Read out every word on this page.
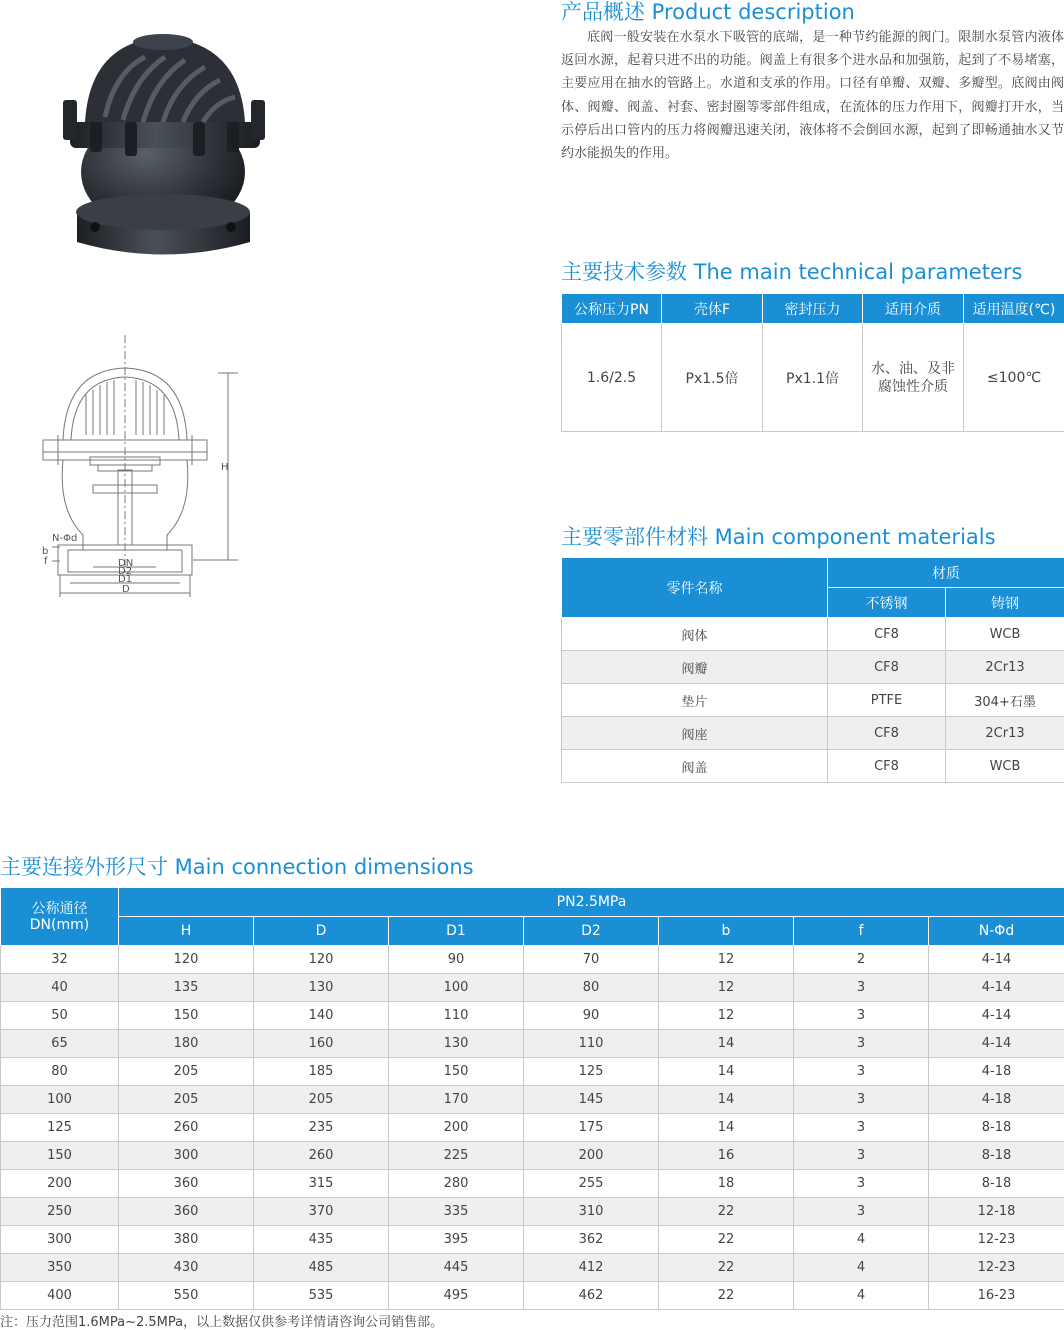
H
N-Φd
b
f	DN
D2
D1
D
产品概述 Product description
底阀一般安装在水泵水下吸管的底端，是一种节约能源的阀门。限制水泵管内液体返回水源，起着只进不出的功能。阀盖上有很多个进水品和加强筋，起到了不易堵塞，主要应用在抽水的管路上。水道和支承的作用。口径有单瓣、双瓣、多瓣型。底阀由阀体、阀瓣、阀盖、衬套、密封圈等零部件组成，在流体的压力作用下，阀瓣打开水，当示停后出口管内的压力将阀瓣迅速关闭，液体将不会倒回水源，起到了即畅通抽水又节约水能损失的作用。
主要技术参数 The main technical parameters
公称压力PN	壳体F	密封压力	适用介质	适用温度(℃)
1.6/2.5	Px1.5倍	Px1.1倍	水、油、及非腐蚀性介质	≤100℃
主要零部件材料 Main component materials
零件名称	材质	
	不锈钢	铸钢
阀体	CF8	WCB
阀瓣	CF8	2Cr13
垫片	PTFE	304+石墨
阀座	CF8	2Cr13
阀盖	CF8	WCB
主要连接外形尺寸 Main connection dimensions
公称通径DN(mm)	PN2.5MPa						
	H	D	D1	D2	b	f	N-Φd
32	120	120	90	70	12	2	4-14
40	135	130	100	80	12	3	4-14
50	150	140	110	90	12	3	4-14
65	180	160	130	110	14	3	4-14
80	205	185	150	125	14	3	4-18
100	205	205	170	145	14	3	4-18
125	260	235	200	175	14	3	8-18
150	300	260	225	200	16	3	8-18
200	360	315	280	255	18	3	8-18
250	360	370	335	310	22	3	12-18
300	380	435	395	362	22	4	12-23
350	430	485	445	412	22	4	12-23
400	550	535	495	462	22	4	16-23
注：压力范围1.6MPa~2.5MPa，以上数据仅供参考详情请咨询公司销售部。
